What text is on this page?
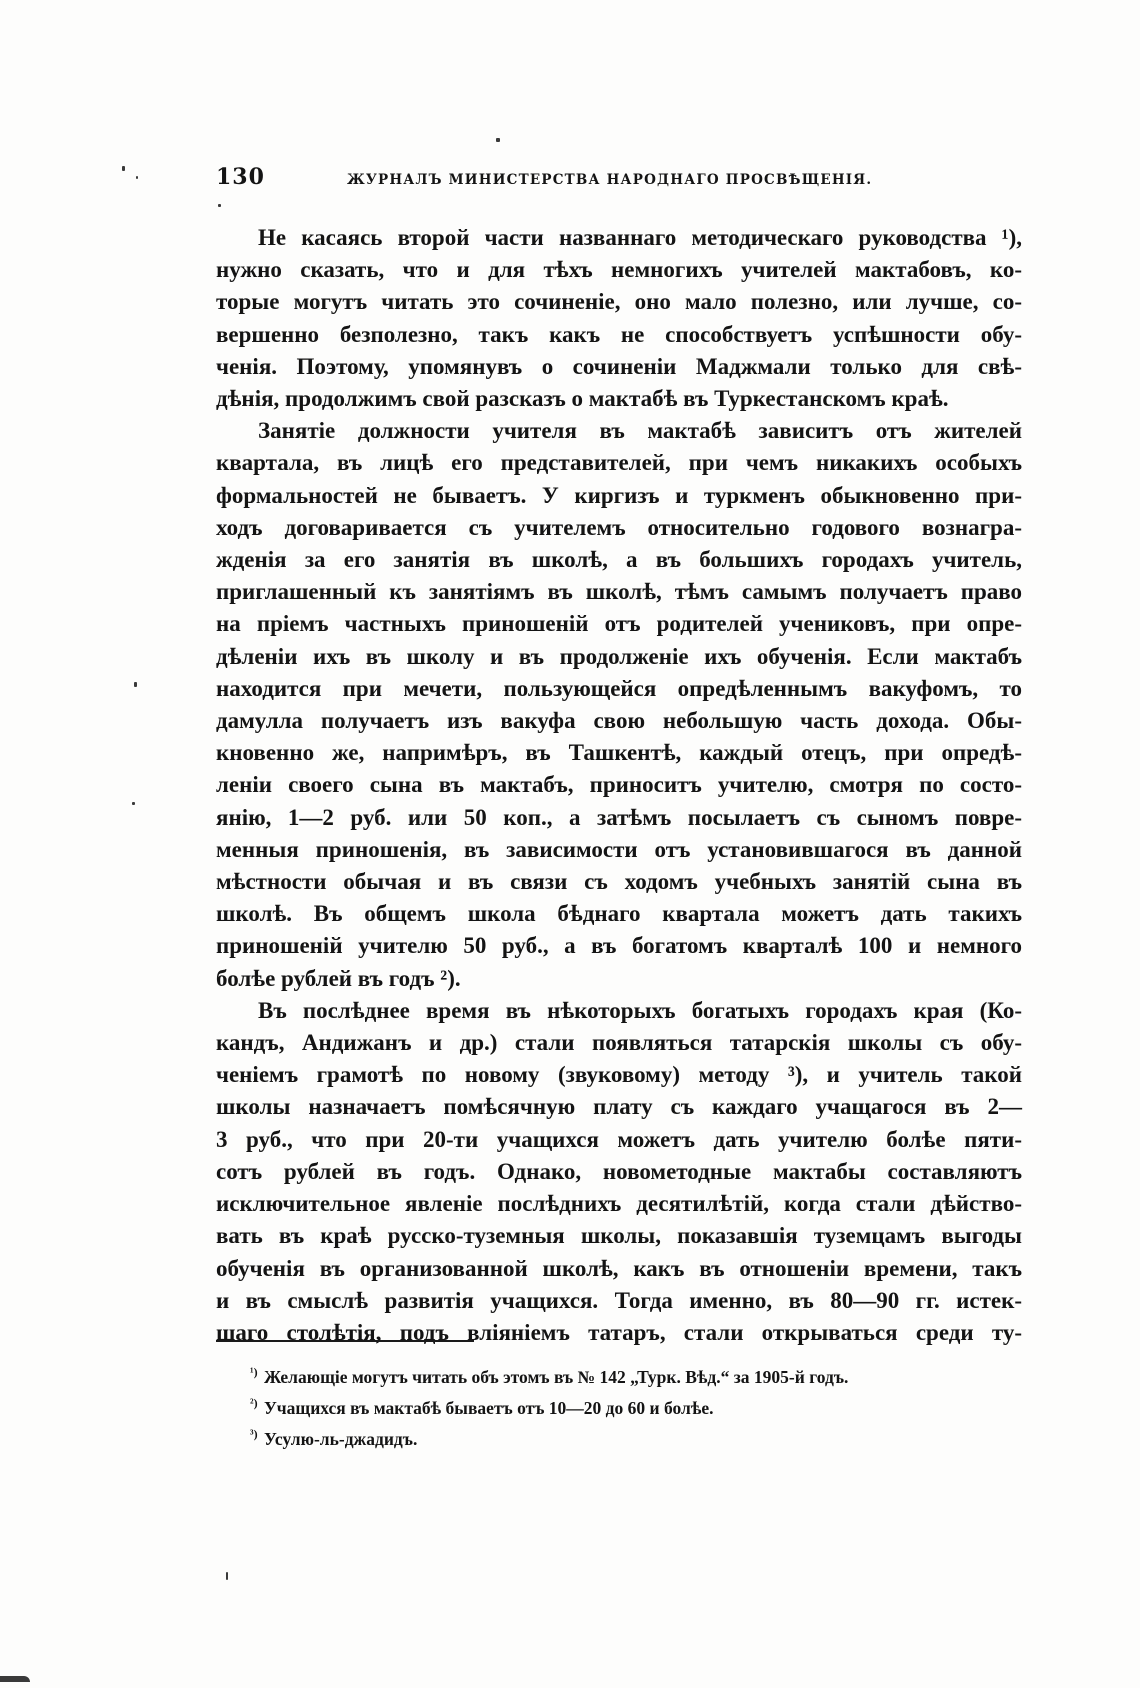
130	ЖУРНАЛЪ МИНИСТЕРСТВА НАРОДНАГО ПРОСВѢЩЕНІЯ.

Не касаясь второй части названнаго методическаго руководства ¹),
нужно сказать, что и для тѣхъ немногихъ учителей мактабовъ, ко-
торые могутъ читать это сочиненіе, оно мало полезно, или лучше, со-
вершенно безполезно, такъ какъ не способствуетъ успѣшности обу-
ченія. Поэтому, упомянувъ о сочиненіи Маджмали только для свѣ-
дѣнія, продолжимъ свой разсказъ о мактабѣ въ Туркестанскомъ краѣ.

Занятіе должности учителя въ мактабѣ зависитъ отъ жителей
квартала, въ лицѣ его представителей, при чемъ никакихъ особыхъ
формальностей не бываетъ. У киргизъ и туркменъ обыкновенно при-
ходъ договаривается съ учителемъ относительно годового вознагра-
жденія за его занятія въ школѣ, а въ большихъ городахъ учитель,
приглашенный къ занятіямъ въ школѣ, тѣмъ самымъ получаетъ право
на пріемъ частныхъ приношеній отъ родителей учениковъ, при опре-
дѣленіи ихъ въ школу и въ продолженіе ихъ обученія. Если мактабъ
находится при мечети, пользующейся опредѣленнымъ вакуфомъ, то
дамулла получаетъ изъ вакуфа свою небольшую часть дохода. Обы-
кновенно же, напримѣръ, въ Ташкентѣ, каждый отецъ, при опредѣ-
леніи своего сына въ мактабъ, приноситъ учителю, смотря по состо-
янію, 1—2 руб. или 50 коп., а затѣмъ посылаетъ съ сыномъ повре-
менныя приношенія, въ зависимости отъ установившагося въ данной
мѣстности обычая и въ связи съ ходомъ учебныхъ занятій сына въ
школѣ. Въ общемъ школа бѣднаго квартала можетъ дать такихъ
приношеній учителю 50 руб., а въ богатомъ кварталѣ 100 и немного
болѣе рублей въ годъ ²).

Въ послѣднее время въ нѣкоторыхъ богатыхъ городахъ края (Ко-
кандъ, Андижанъ и др.) стали появляться татарскія школы съ обу-
ченіемъ грамотѣ по новому (звуковому) методу ³), и учитель такой
школы назначаетъ помѣсячную плату съ каждаго учащагося въ 2—
3 руб., что при 20-ти учащихся можетъ дать учителю болѣе пяти-
сотъ рублей въ годъ. Однако, новометодные мактабы составляютъ
исключительное явленіе послѣднихъ десятилѣтій, когда стали дѣйство-
вать въ краѣ русско-туземныя школы, показавшія туземцамъ выгоды
обученія въ организованной школѣ, какъ въ отношеніи времени, такъ
и въ смыслѣ развитія учащихся. Тогда именно, въ 80—90 гг. истек-
шаго столѣтія, подъ вліяніемъ татаръ, стали открываться среди ту-

$^{^1)}$ Желающіе могутъ читать объ этомъ въ № 142 „Турк. Вѣд.“ за 1905-й годъ.
$^{^2)}$ Учащихся въ мактабѣ бываетъ отъ 10—20 до 60 и болѣе.
$^{^3)}$ Усулю-ль-джадидъ.
